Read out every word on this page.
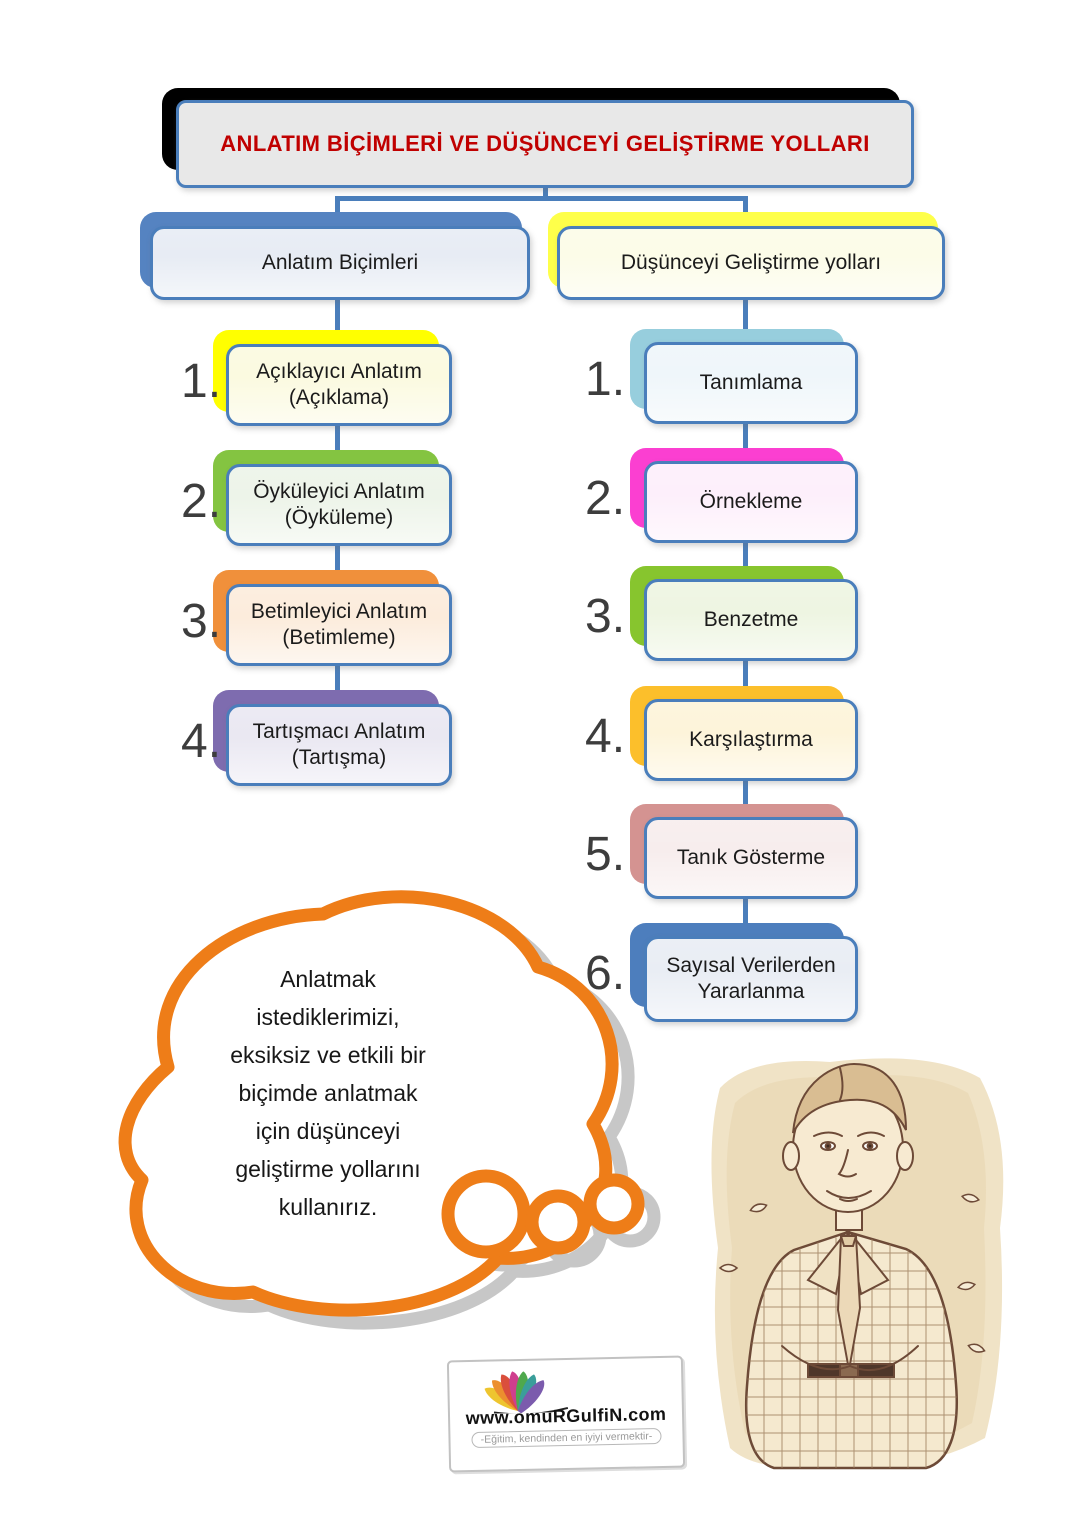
ANLATIM BİÇİMLERİ VE DÜŞÜNCEYİ GELİŞTİRME YOLLARI
Anlatım Biçimleri	Düşünceyi Geliştirme yolları
1.	Açıklayıcı Anlatım
(Açıklama)
2.	Öyküleyici Anlatım
(Öyküleme)
3.	Betimleyici Anlatım
(Betimleme)
4.	Tartışmacı Anlatım
(Tartışma)
1.	Tanımlama
2.	Örnekleme
3.	Benzetme
4.	Karşılaştırma
5.	Tanık Gösterme
6.	Sayısal Verilerden Yararlanma
Anlatmak
istediklerimizi,
eksiksiz ve etkili bir
biçimde anlatmak
için düşünceyi
geliştirme yollarını
kullanırız.
www.omuRGulfiN.com
-Eğitim, kendinden en iyiyi vermektir-
